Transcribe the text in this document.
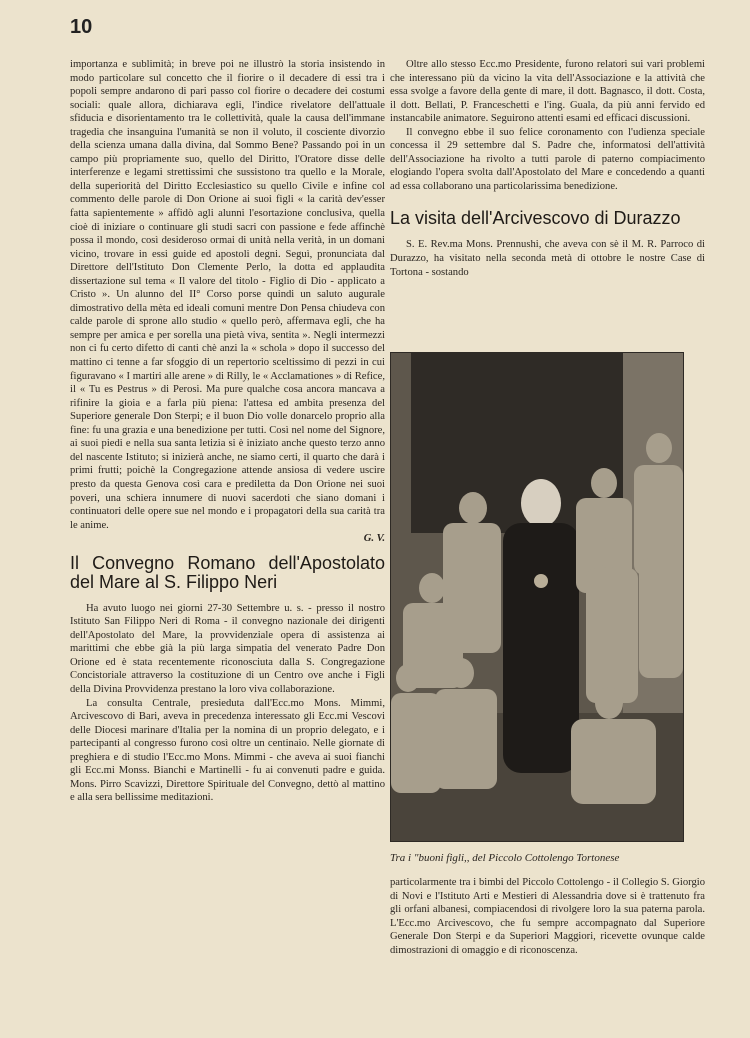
10

importanza e sublimità; in breve poi ne illustrò la storia insistendo in modo particolare sul concetto che il fiorire o il decadere di essi tra i popoli sempre andarono di pari passo col fiorire o decadere dei costumi sociali: quale allora, dichiarava egli, l'indice rivelatore dell'attuale sfiducia e disorientamento tra le collettività, quale la causa dell'immane tragedia che insanguina l'umanità se non il voluto, il cosciente divorzio della scienza umana dalla divina, dal Sommo Bene? Passando poi in un campo più propriamente suo, quello del Diritto, l'Oratore disse delle interferenze e legami strettissimi che sussistono tra quello e la Morale, della superiorità del Diritto Ecclesiastico su quello Civile e infine col commento delle parole di Don Orione ai suoi figli « la carità dev'esser fatta sapientemente » affidò agli alunni l'esortazione conclusiva, quella cioè di iniziare o continuare gli studi sacri con passione e fede affinchè possa il mondo, così desideroso ormai di unità nella verità, in un domani vicino, trovare in essi guide ed apostoli degni. Seguì, pronunciata dal Direttore dell'Istituto Don Clemente Perlo, la dotta ed applaudita dissertazione sul tema « Il valore del titolo - Figlio di Dio - applicato a Cristo ». Un alunno del II° Corso porse quindi un saluto augurale dimostrativo della mèta ed ideali comuni mentre Don Pensa chiudeva con calde parole di sprone allo studio « quello però, affermava egli, che ha sempre per amica e per sorella una pietà viva, sentita ». Negli intermezzi non ci fu certo difetto di canti chè anzi la « schola » dopo il successo del mattino ci tenne a far sfoggio di un repertorio sceltissimo di pezzi in cui figuravano « I martiri alle arene » di Rilly, le « Acclamationes » di Refice, il « Tu es Pestrus » di Perosi. Ma pure qualche cosa ancora mancava a rifinire la gioia e a farla più piena: l'attesa ed ambita presenza del Superiore generale Don Sterpi; e il buon Dio volle donarcelo proprio alla fine: fu una grazia e una benedizione per tutti. Così nel nome del Signore, ai suoi piedi e nella sua santa letizia si è iniziato anche questo terzo anno del nascente Istituto; si inizierà anche, ne siamo certi, il quarto che darà i primi frutti; poichè la Congregazione attende ansiosa di vedere uscire presto da questa Genova così cara e prediletta da Don Orione nei suoi poveri, una schiera innumere di nuovi sacerdoti che siano domani i continuatori delle opere sue nel mondo e i propagatori della sua carità tra le anime.

G. V.

Il Convegno Romano dell'Apostolato del Mare al S. Filippo Neri

Ha avuto luogo nei giorni 27-30 Settembre u. s. - presso il nostro Istituto San Filippo Neri di Roma - il convegno nazionale dei dirigenti dell'Apostolato del Mare, la provvidenziale opera di assistenza ai marittimi che ebbe già la più larga simpatia del venerato Padre Don Orione ed è stata recentemente riconosciuta dalla S. Congregazione Concistoriale attraverso la costituzione di un Centro ove anche i Figli della Divina Provvidenza prestano la loro viva collaborazione.

La consulta Centrale, presieduta dall'Ecc.mo Mons. Mimmi, Arcivescovo di Bari, aveva in precedenza interessato gli Ecc.mi Vescovi delle Diocesi marinare d'Italia per la nomina di un proprio delegato, e i partecipanti al congresso furono così oltre un centinaio. Nelle giornate di preghiera e di studio l'Ecc.mo Mons. Mimmi - che aveva ai suoi fianchi gli Ecc.mi Monss. Bianchi e Martinelli - fu ai convenuti padre e guida. Mons. Pirro Scavizzi, Direttore Spirituale del Convegno, dettò al mattino e alla sera bellissime meditazioni.

Oltre allo stesso Ecc.mo Presidente, furono relatori sui vari problemi che interessano più da vicino la vita dell'Associazione e la attività che essa svolge a favore della gente di mare, il dott. Bagnasco, il dott. Costa, il dott. Bellati, P. Franceschetti e l'ing. Guala, da più anni fervido ed instancabile animatore. Seguirono attenti esami ed efficaci discussioni.

Il convegno ebbe il suo felice coronamento con l'udienza speciale concessa il 29 settembre dal S. Padre che, informatosi dell'attività dell'Associazione ha rivolto a tutti parole di paterno compiacimento elogiando l'opera svolta dall'Apostolato del Mare e concedendo a quanti ad essa collaborano una particolarissima benedizione.

La visita dell'Arcivescovo di Durazzo

S. E. Rev.ma Mons. Prennushi, che aveva con sè il M. R. Parroco di Durazzo, ha visitato nella seconda metà di ottobre le nostre Case di Tortona - sostando

Tra i "buoni figli,, del Piccolo Cottolengo Tortonese

particolarmente tra i bimbi del Piccolo Cottolengo - il Collegio S. Giorgio di Novi e l'Istituto Arti e Mestieri di Alessandria dove si è trattenuto fra gli orfani albanesi, compiacendosi di rivolgere loro la sua paterna parola. L'Ecc.mo Arcivescovo, che fu sempre accompagnato dal Superiore Generale Don Sterpi e da Superiori Maggiori, ricevette ovunque calde dimostrazioni di omaggio e di riconoscenza.
